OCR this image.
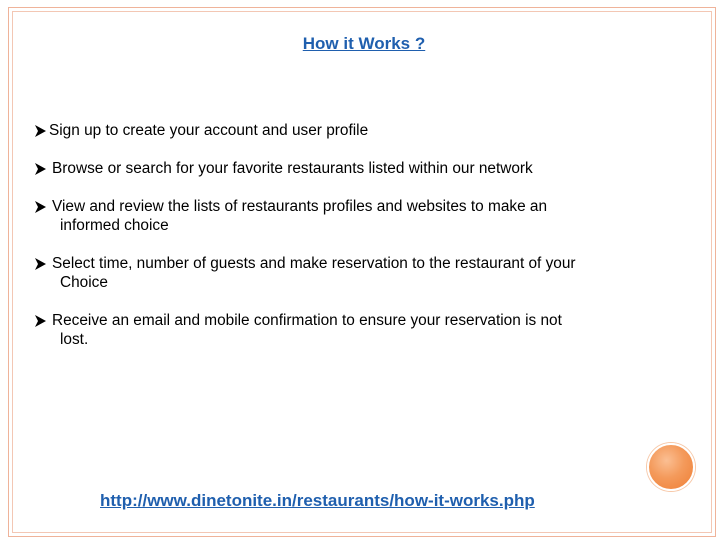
How it Works ?
Sign up to create your account and user profile
Browse or search for your favorite restaurants listed within our network
View and review the lists of restaurants profiles and websites to make an
informed choice
Select time, number of guests and make reservation to the restaurant of your
Choice
Receive an email and mobile confirmation to ensure your reservation is not
lost.
http://www.dinetonite.in/restaurants/how-it-works.php
